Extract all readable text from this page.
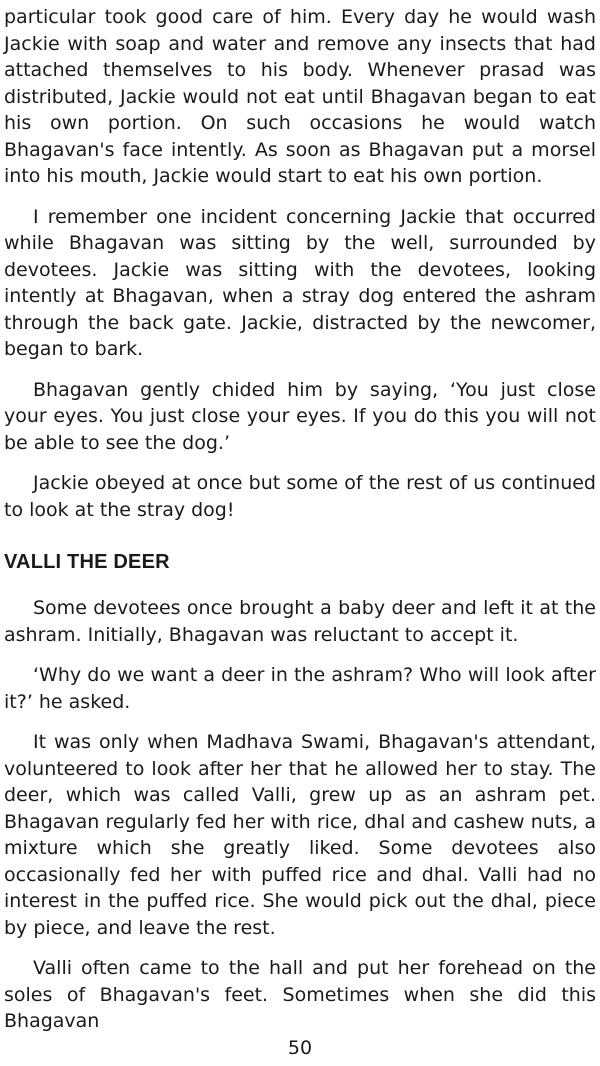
particular took good care of him. Every day he would wash Jackie with soap and water and remove any insects that had attached themselves to his body. Whenever prasad was distributed, Jackie would not eat until Bhagavan began to eat his own portion. On such occasions he would watch Bhagavan's face intently. As soon as Bhagavan put a morsel into his mouth, Jackie would start to eat his own portion.

I remember one incident concerning Jackie that occurred while Bhagavan was sitting by the well, surrounded by devotees. Jackie was sitting with the devotees, looking intently at Bhagavan, when a stray dog entered the ashram through the back gate. Jackie, distracted by the newcomer, began to bark.

Bhagavan gently chided him by saying, ‘You just close your eyes. You just close your eyes. If you do this you will not be able to see the dog.’

Jackie obeyed at once but some of the rest of us continued to look at the stray dog!

VALLI THE DEER

Some devotees once brought a baby deer and left it at the ashram. Initially, Bhagavan was reluctant to accept it.

‘Why do we want a deer in the ashram? Who will look after it?’ he asked.

It was only when Madhava Swami, Bhagavan's attendant, volunteered to look after her that he allowed her to stay. The deer, which was called Valli, grew up as an ashram pet. Bhagavan regularly fed her with rice, dhal and cashew nuts, a mixture which she greatly liked. Some devotees also occasionally fed her with puffed rice and dhal. Valli had no interest in the puffed rice. She would pick out the dhal, piece by piece, and leave the rest.

Valli often came to the hall and put her forehead on the soles of Bhagavan's feet. Sometimes when she did this Bhagavan

50
